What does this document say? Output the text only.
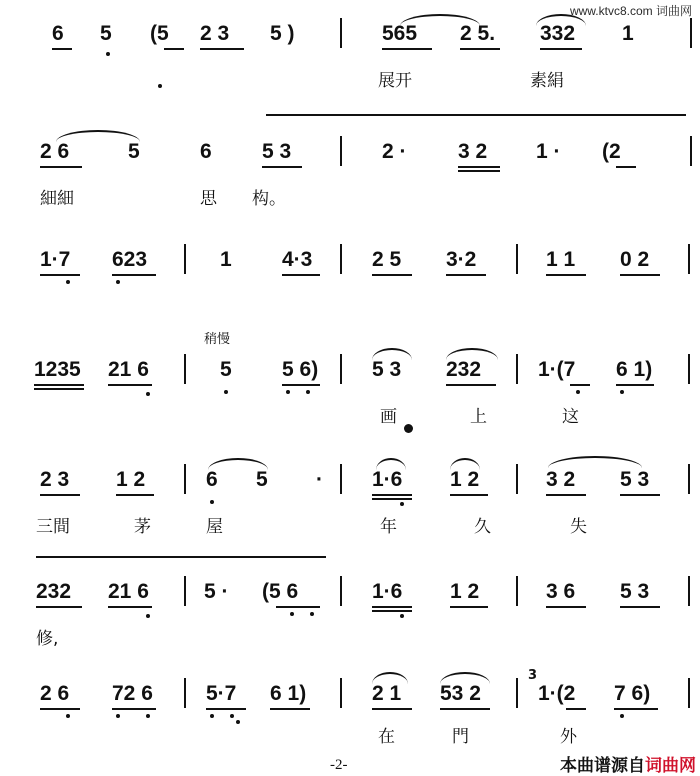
www.ktvc8.com 词曲网
6 5 (5 2 3 5 )	565 2 5. 332 1
展开	素絹
2 6	5	6 5 3	2 · 3 2 1 · (2
細細	思 构。
1·7 623	1 4·3	2 5 3·2	1 1 0 2
稍慢
1235 21 6	5 5 6)	5 3 232	1·(7 6 1)
画	上	这
2 3 1 2	6 5 · 1·6 1 2	3 2 5 3
三間	茅	屋	年	久	失
232 21 6	5 · (5 6	1·6 1 2	3 6 5 3
修,
3
2 6 72 6	5·7 6 1)	2 1 53 2	1·(2 7 6)
在	門	外
-2-	本曲谱源自词曲网
